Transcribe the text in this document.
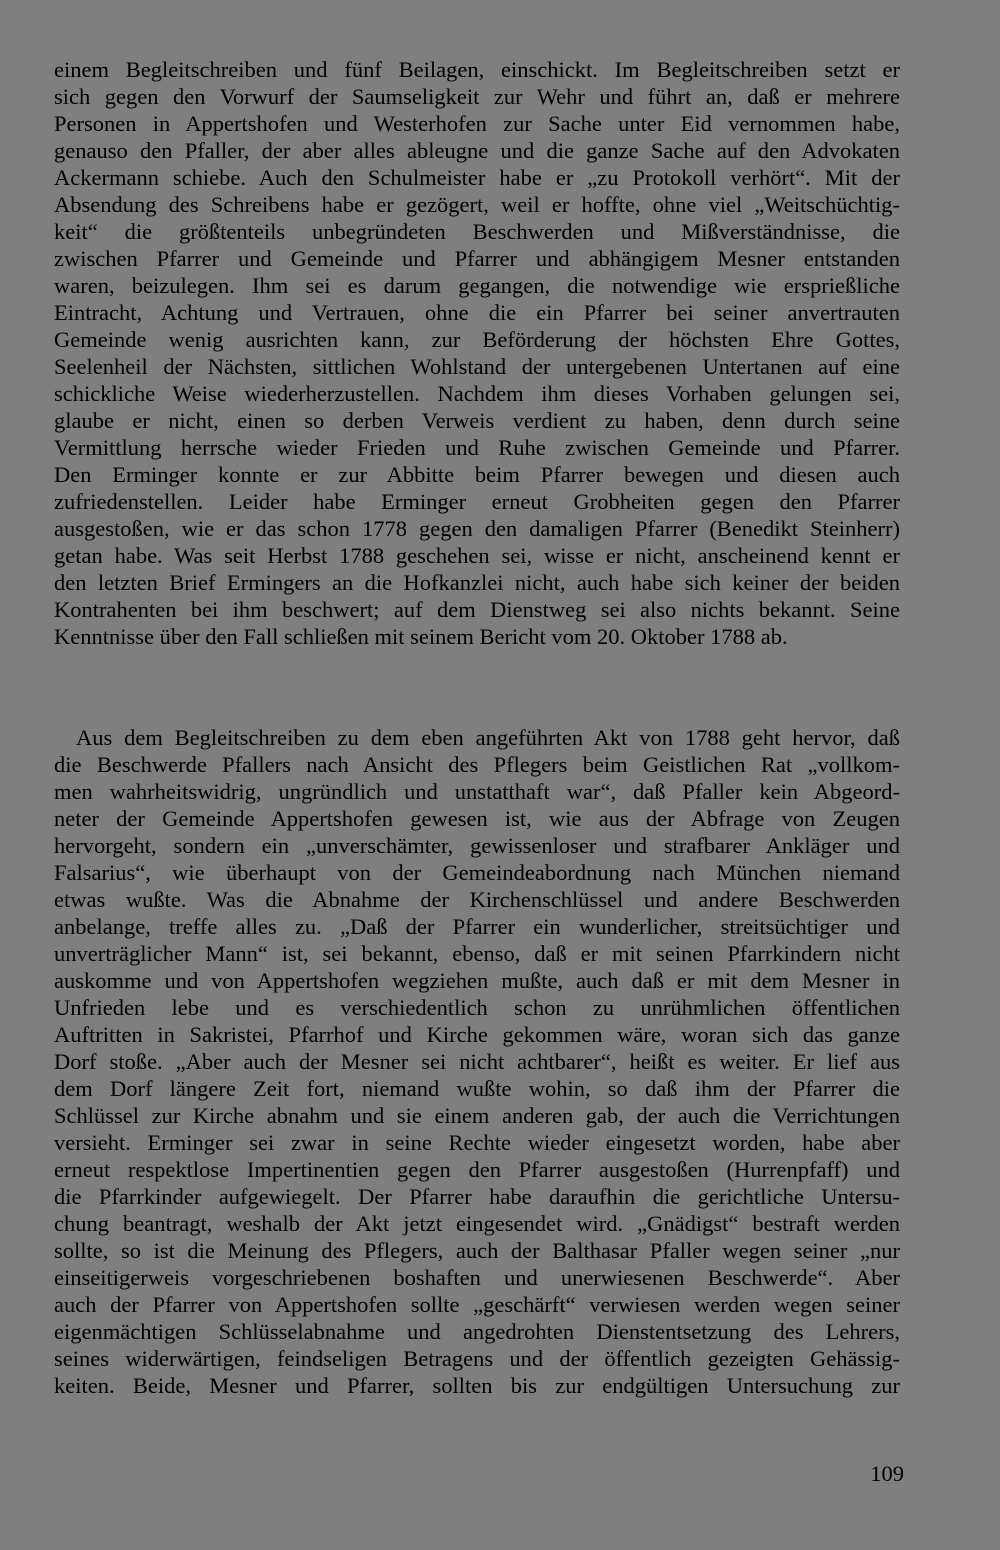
einem Begleitschreiben und fünf Beilagen, einschickt. Im Begleitschreiben setzt er
sich gegen den Vorwurf der Saumseligkeit zur Wehr und führt an, daß er mehrere
Personen in Appertshofen und Westerhofen zur Sache unter Eid vernommen habe,
genauso den Pfaller, der aber alles ableugne und die ganze Sache auf den Advokaten
Ackermann schiebe. Auch den Schulmeister habe er „zu Protokoll verhört“. Mit der
Absendung des Schreibens habe er gezögert, weil er hoffte, ohne viel „Weitschüchtig-
keit“ die größtenteils unbegründeten Beschwerden und Mißverständnisse, die
zwischen Pfarrer und Gemeinde und Pfarrer und abhängigem Mesner entstanden
waren, beizulegen. Ihm sei es darum gegangen, die notwendige wie ersprießliche
Eintracht, Achtung und Vertrauen, ohne die ein Pfarrer bei seiner anvertrauten
Gemeinde wenig ausrichten kann, zur Beförderung der höchsten Ehre Gottes,
Seelenheil der Nächsten, sittlichen Wohlstand der untergebenen Untertanen auf eine
schickliche Weise wiederherzustellen. Nachdem ihm dieses Vorhaben gelungen sei,
glaube er nicht, einen so derben Verweis verdient zu haben, denn durch seine
Vermittlung herrsche wieder Frieden und Ruhe zwischen Gemeinde und Pfarrer.
Den Erminger konnte er zur Abbitte beim Pfarrer bewegen und diesen auch
zufriedenstellen. Leider habe Erminger erneut Grobheiten gegen den Pfarrer
ausgestoßen, wie er das schon 1778 gegen den damaligen Pfarrer (Benedikt Steinherr)
getan habe. Was seit Herbst 1788 geschehen sei, wisse er nicht, anscheinend kennt er
den letzten Brief Ermingers an die Hofkanzlei nicht, auch habe sich keiner der beiden
Kontrahenten bei ihm beschwert; auf dem Dienstweg sei also nichts bekannt. Seine
Kenntnisse über den Fall schließen mit seinem Bericht vom 20. Oktober 1788 ab.
Aus dem Begleitschreiben zu dem eben angeführten Akt von 1788 geht hervor, daß
die Beschwerde Pfallers nach Ansicht des Pflegers beim Geistlichen Rat „vollkom-
men wahrheitswidrig, ungründlich und unstatthaft war“, daß Pfaller kein Abgeord-
neter der Gemeinde Appertshofen gewesen ist, wie aus der Abfrage von Zeugen
hervorgeht, sondern ein „unverschämter, gewissenloser und strafbarer Ankläger und
Falsarius“, wie überhaupt von der Gemeindeabordnung nach München niemand
etwas wußte. Was die Abnahme der Kirchenschlüssel und andere Beschwerden
anbelange, treffe alles zu. „Daß der Pfarrer ein wunderlicher, streitsüchtiger und
unverträglicher Mann“ ist, sei bekannt, ebenso, daß er mit seinen Pfarrkindern nicht
auskomme und von Appertshofen wegziehen mußte, auch daß er mit dem Mesner in
Unfrieden lebe und es verschiedentlich schon zu unrühmlichen öffentlichen
Auftritten in Sakristei, Pfarrhof und Kirche gekommen wäre, woran sich das ganze
Dorf stoße. „Aber auch der Mesner sei nicht achtbarer“, heißt es weiter. Er lief aus
dem Dorf längere Zeit fort, niemand wußte wohin, so daß ihm der Pfarrer die
Schlüssel zur Kirche abnahm und sie einem anderen gab, der auch die Verrichtungen
versieht. Erminger sei zwar in seine Rechte wieder eingesetzt worden, habe aber
erneut respektlose Impertinentien gegen den Pfarrer ausgestoßen (Hurrenpfaff) und
die Pfarrkinder aufgewiegelt. Der Pfarrer habe daraufhin die gerichtliche Untersu-
chung beantragt, weshalb der Akt jetzt eingesendet wird. „Gnädigst“ bestraft werden
sollte, so ist die Meinung des Pflegers, auch der Balthasar Pfaller wegen seiner „nur
einseitigerweis vorgeschriebenen boshaften und unerwiesenen Beschwerde“. Aber
auch der Pfarrer von Appertshofen sollte „geschärft“ verwiesen werden wegen seiner
eigenmächtigen Schlüsselabnahme und angedrohten Dienstentsetzung des Lehrers,
seines widerwärtigen, feindseligen Betragens und der öffentlich gezeigten Gehässig-
keiten. Beide, Mesner und Pfarrer, sollten bis zur endgültigen Untersuchung zur
109
